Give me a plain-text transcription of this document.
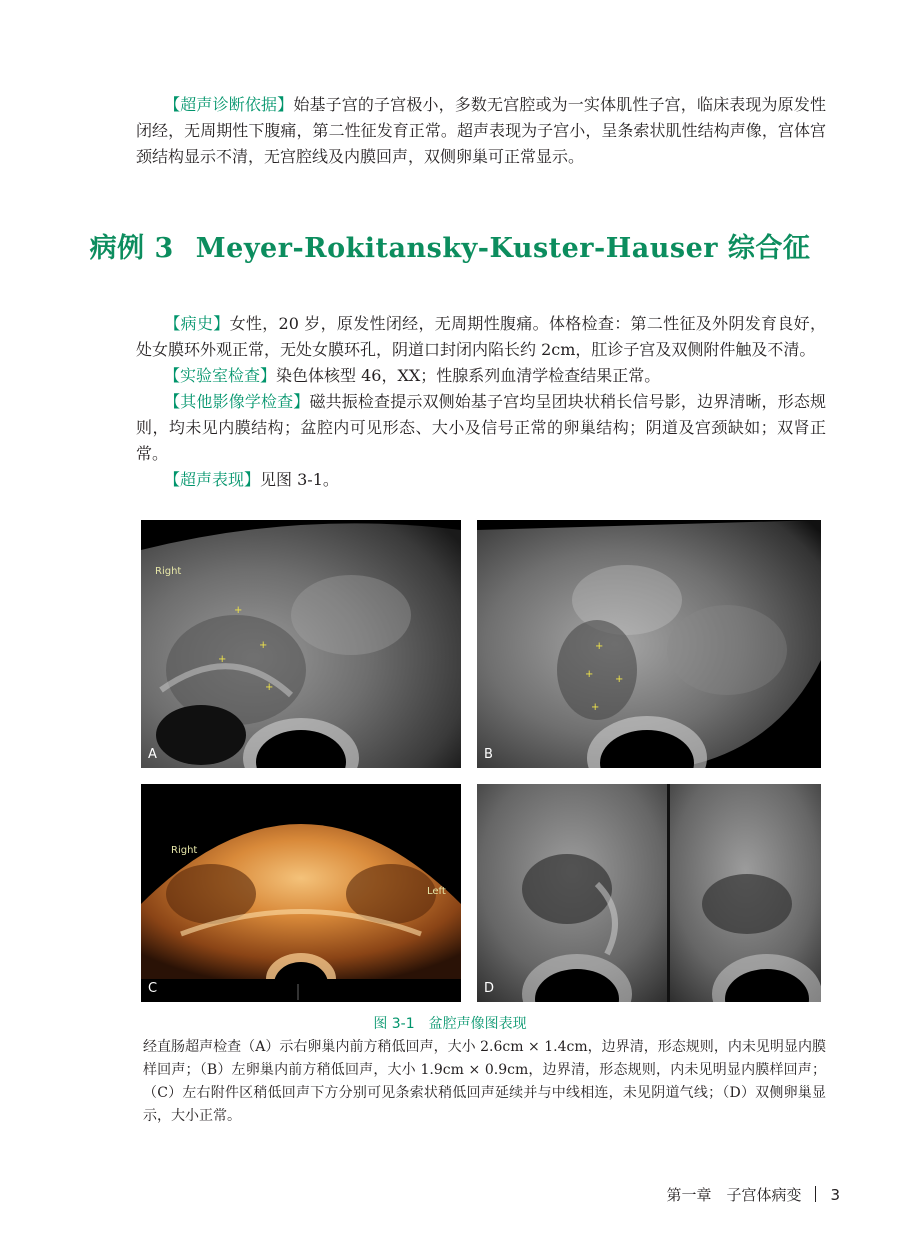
【超声诊断依据】始基子宫的子宫极小，多数无宫腔或为一实体肌性子宫，临床表现为原发性闭经，无周期性下腹痛，第二性征发育正常。超声表现为子宫小，呈条索状肌性结构声像，宫体宫颈结构显示不清，无宫腔线及内膜回声，双侧卵巢可正常显示。
病例 3 Meyer-Rokitansky-Kuster-Hauser 综合征
【病史】女性，20 岁，原发性闭经，无周期性腹痛。体格检查：第二性征及外阴发育良好，处女膜环外观正常，无处女膜环孔，阴道口封闭内陷长约 2cm，肛诊子宫及双侧附件触及不清。
【实验室检查】染色体核型 46，XX；性腺系列血清学检查结果正常。
【其他影像学检查】磁共振检查提示双侧始基子宫均呈团块状稍长信号影，边界清晰，形态规则，均未见内膜结构；盆腔内可见形态、大小及信号正常的卵巢结构；阴道及宫颈缺如；双肾正常。
【超声表现】见图 3-1。
+
+
+
+
Right
A
+
+ +
+
B
Right
Left
C	D
图 3-1 盆腔声像图表现
经直肠超声检查（A）示右卵巢内前方稍低回声，大小 2.6cm × 1.4cm，边界清，形态规则，内未见明显内膜样回声；（B）左卵巢内前方稍低回声，大小 1.9cm × 0.9cm，边界清，形态规则，内未见明显内膜样回声；（C）左右附件区稍低回声下方分别可见条索状稍低回声延续并与中线相连，未见阴道气线；（D）双侧卵巢显示，大小正常。
第一章　子宫体病变 3
